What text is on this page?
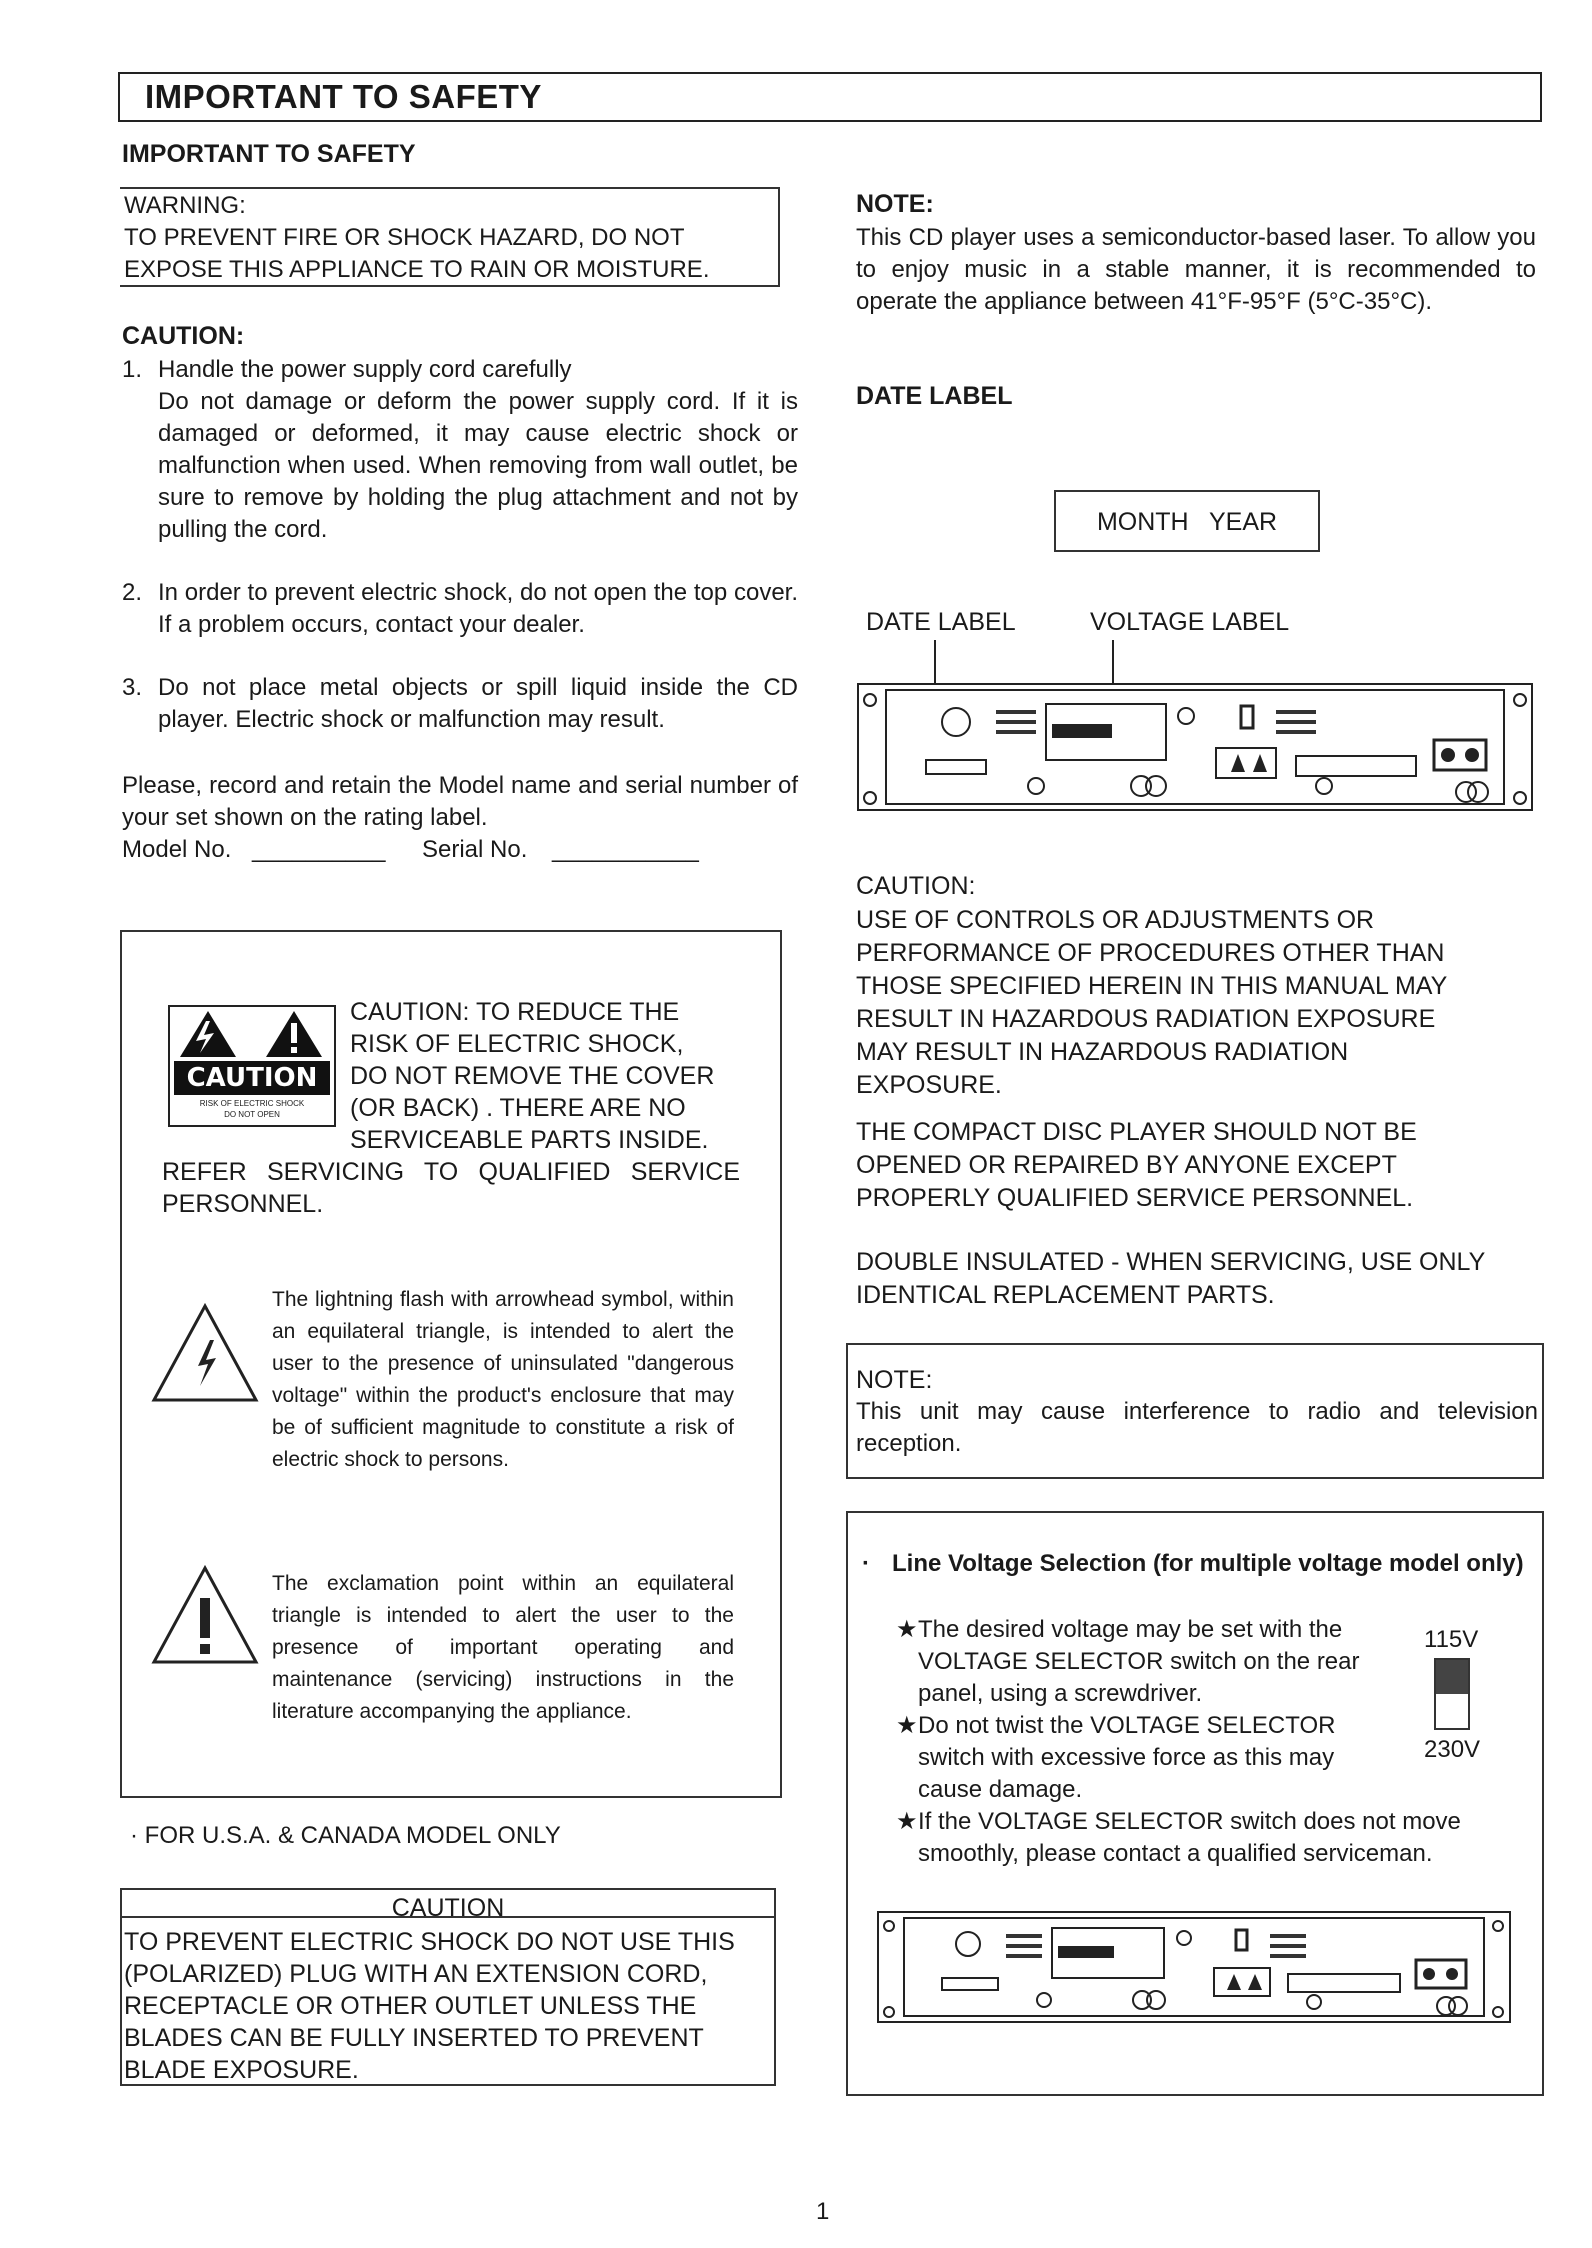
IMPORTANT TO SAFETY
IMPORTANT TO SAFETY
WARNING:
TO PREVENT FIRE OR SHOCK HAZARD, DO NOT
EXPOSE THIS APPLIANCE TO RAIN OR MOISTURE.
CAUTION:
1. Handle the power supply cord carefully
Do not damage or deform the power supply cord. If it is damaged or deformed, it may cause electric shock or malfunction when used. When removing from wall outlet, be sure to remove by holding the plug attachment and not by pulling the cord.
2. In order to prevent electric shock, do not open the top cover. If a problem occurs, contact your dealer.
3. Do not place metal objects or spill liquid inside the CD player. Electric shock or malfunction may result.
Please, record and retain the Model name and serial number of your set shown on the rating label.
Model No. __________ Serial No. ___________
CAUTION
RISK OF ELECTRIC SHOCK
DO NOT OPEN
CAUTION: TO REDUCE THE
RISK OF ELECTRIC SHOCK,
DO NOT REMOVE THE COVER
(OR BACK) . THERE ARE NO
SERVICEABLE PARTS INSIDE.
REFER SERVICING TO QUALIFIED SERVICE PERSONNEL.
The lightning flash with arrowhead symbol, within an equilateral triangle, is intended to alert the user to the presence of uninsulated "dangerous voltage" within the product's enclosure that may be of sufficient magnitude to constitute a risk of electric shock to persons.
The exclamation point within an equilateral triangle is intended to alert the user to the presence of important operating and maintenance (servicing) instructions in the literature accompanying the appliance.
· FOR U.S.A. & CANADA MODEL ONLY
CAUTION
TO PREVENT ELECTRIC SHOCK DO NOT USE THIS
(POLARIZED) PLUG WITH AN EXTENSION CORD,
RECEPTACLE OR OTHER OUTLET UNLESS THE
BLADES CAN BE FULLY INSERTED TO PREVENT
BLADE EXPOSURE.
NOTE:
This CD player uses a semiconductor-based laser. To allow you to enjoy music in a stable manner, it is recommended to operate the appliance between 41°F-95°F (5°C-35°C).
DATE LABEL
MONTH   YEAR
DATE LABEL	VOLTAGE LABEL
CAUTION:
USE OF CONTROLS OR ADJUSTMENTS OR
PERFORMANCE OF PROCEDURES OTHER THAN
THOSE SPECIFIED HEREIN IN THIS MANUAL MAY
RESULT IN HAZARDOUS RADIATION EXPOSURE
MAY RESULT IN HAZARDOUS RADIATION
EXPOSURE.
THE COMPACT DISC PLAYER SHOULD NOT BE
OPENED OR REPAIRED BY ANYONE EXCEPT
PROPERLY QUALIFIED SERVICE PERSONNEL.
DOUBLE INSULATED - WHEN SERVICING, USE ONLY
IDENTICAL REPLACEMENT PARTS.
NOTE:
This unit may cause interference to radio and television reception.
· Line Voltage Selection (for multiple voltage model only)
★ The desired voltage may be set with the VOLTAGE SELECTOR switch on the rear panel, using a screwdriver.
★ Do not twist the VOLTAGE SELECTOR switch with excessive force as this may cause damage.
★ If the VOLTAGE SELECTOR switch does not move smoothly, please contact a qualified serviceman.
115V
230V
1
